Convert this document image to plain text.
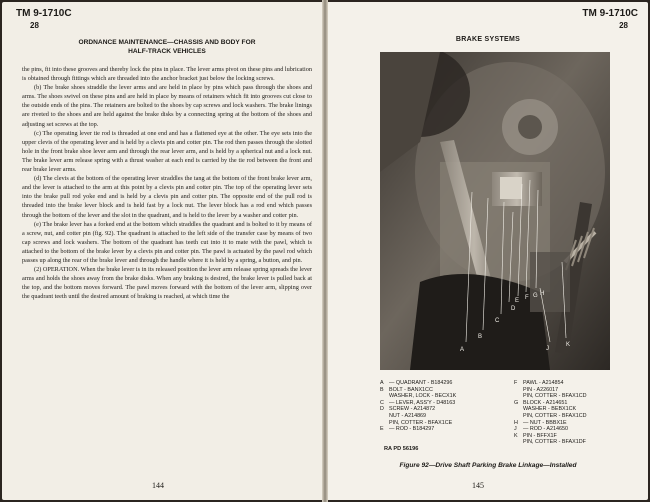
TM 9-1710C
28
ORDNANCE MAINTENANCE—CHASSIS AND BODY FOR
HALF-TRACK VEHICLES

the pins, fit into these grooves and thereby lock the pins in place. The lever arms pivot on these pins and lubrication is obtained through fittings which are threaded into the anchor bracket just below the locking screws.

(b) The brake shoes straddle the lever arms and are held in place by pins which pass through the shoes and arms. The shoes swivel on these pins and are held in place by means of retainers which fit into grooves cut close to the outside ends of the pins. The retainers are bolted to the shoes by cap screws and lock washers. The brake linings are riveted to the shoes and are held against the brake disks by a connecting spring at the bottom of the shoes and adjusting set screws at the top.

(c) The operating lever tie rod is threaded at one end and has a flattened eye at the other. The eye sets into the upper clevis of the operating lever and is held by a clevis pin and cotter pin. The rod then passes through the slotted hole in the front brake shoe lever arm and through the rear lever arm, and is held by a spherical nut and a lock nut. The brake lever arm release spring with a thrust washer at each end is carried by the tie rod between the front and rear brake lever arms.

(d) The clevis at the bottom of the operating lever straddles the tang at the bottom of the front brake lever arm, and the lever is attached to the arm at this point by a clevis pin and cotter pin. The top of the operating lever sets into the brake pull rod yoke end and is held by a clevis pin and cotter pin. The opposite end of the pull rod is threaded into the brake lever block and is held fast by a lock nut. The lever block has a rod end which passes through the bottom of the lever and the slot in the quadrant, and is held to the lever by a washer and cotter pin.

(e) The brake lever has a forked end at the bottom which straddles the quadrant and is bolted to it by means of a screw, nut, and cotter pin (fig. 92). The quadrant is attached to the left side of the transfer case by means of two cap screws and lock washers. The bottom of the quadrant has teeth cut into it to mate with the pawl, which is attached to the bottom of the brake lever by a clevis pin and cotter pin. The pawl is actuated by the pawl rod which passes up along the rear of the brake lever and through the handle where it is held by a spring, a button, and pin.

(2) OPERATION. When the brake lever is in its released position the lever arm release spring spreads the lever arms and holds the shoes away from the brake disks. When any braking is desired, the brake lever is pulled back at the top, and the bottom moves forward. The pawl moves forward with the bottom of the lever arm, slipping over the quadrant teeth until the desired amount of braking is reached, at which time the

144
TM 9-1710C
28
BRAKE SYSTEMS
A
B
C
D
E F G H
J
K
A — QUADRANT - B184296
B BOLT - BANX1CC
WASHER, LOCK - BECX1K
C — LEVER, ASS'Y - D48163
D SCREW - A214872
NUT - A214869
PIN, COTTER - BFAX1CE
E — ROD - B184297
F	PAWL - A214854
PIN - A226017
PIN, COTTER - BFAX1CD
G BLOCK - A214651
WASHER - BEBX1CK
PIN, COTTER - BFAX1CD
H — NUT - BBBX1E
J	— ROD - A214650
K PIN - BFFX1F
PIN, COTTER - BFAX1DF
RA PD 56196
Figure 92—Drive Shaft Parking Brake Linkage—Installed
145
